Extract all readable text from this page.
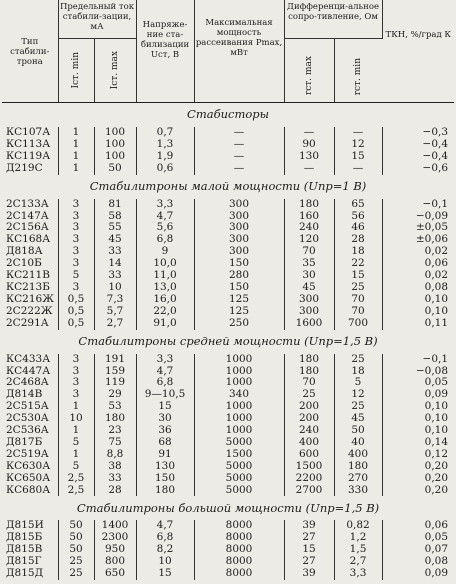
Тип стабили-трона	Предельный ток стабили-зации, мА		Напряже-ние ста-билизации Uст, В	Максимальная мощность рассеивания Pmax, мВт	Дифференци-альное сопро-тивление, Ом		ТКН, %/град К
	Iст. min	Iст. max			rст. max	rст. min	
Стабисторы							
КС107А	1	100	0,7	—	—	—	−0,3
КС113А	1	100	1,3	—	90	12	−0,4
КС119А	1	100	1,9	—	130	15	−0,4
Д219С	1	50	0,6	—	—	—	−0,6
Стабилитроны малой мощности (Uпр=1 В)							
2С133А	3	81	3,3	300	180	65	−0,1
2С147А	3	58	4,7	300	160	56	−0,09
2С156А	3	55	5,6	300	240	46	±0,05
КС168А	3	45	6,8	300	120	28	±0,06
Д818А	3	33	9	300	70	18	0,02
2С10Б	3	14	10,0	150	35	22	0,06
КС211В	5	33	11,0	280	30	15	0,02
КС213Б	3	10	13,0	150	45	25	0,08
КС216Ж	0,5	7,3	16,0	125	300	70	0,10
2С222Ж	0,5	5,7	22,0	125	300	70	0,10
2С291А	0,5	2,7	91,0	250	1600	700	0,11
Стабилитроны средней мощности (Uпр=1,5 В)							
КС433А	3	191	3,3	1000	180	25	−0,1
КС447А	3	159	4,7	1000	180	18	−0,08
2С468А	3	119	6,8	1000	70	5	0,05
Д814В	3	29	9—10,5	340	25	12	0,09
2С515А	1	53	15	1000	200	25	0,10
2С530А	10	180	30	1000	200	45	0,10
2С536А	1	23	36	1000	240	50	0,10
Д817Б	5	75	68	5000	400	40	0,14
2С519А	1	8,8	91	1500	600	400	0,12
КС630А	5	38	130	5000	1500	180	0,20
КС650А	2,5	33	150	5000	2200	270	0,20
КС680А	2,5	28	180	5000	2700	330	0,20
Стабилитроны большой мощности (Uпр=1,5 В)							
Д815И	50	1400	4,7	8000	39	0,82	0,06
Д815Б	50	2300	6,8	8000	27	1,2	0,05
Д815В	50	950	8,2	8000	15	1,5	0,07
Д815Г	25	800	10	8000	27	2,7	0,08
Д815Д	25	650	15	8000	39	3,3	0,09
